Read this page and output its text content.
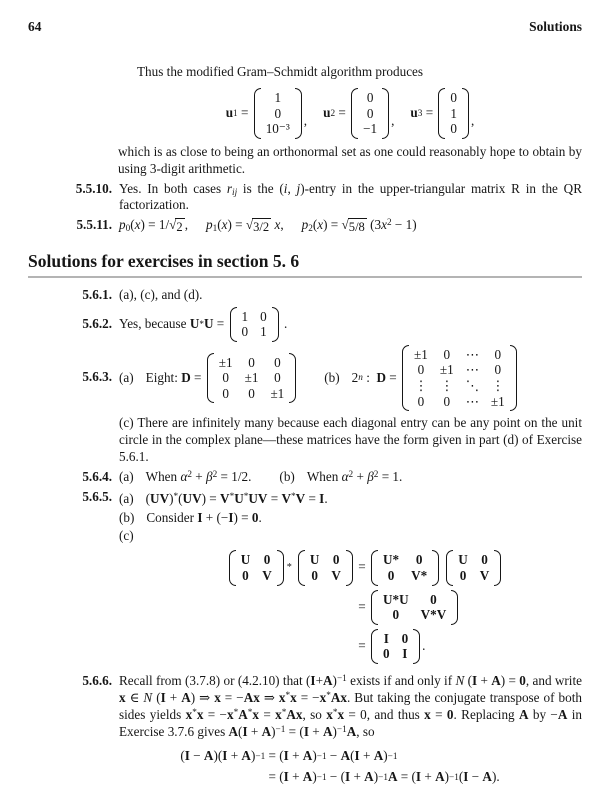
64	Solutions

Thus the modified Gram–Schmidt algorithm produces

u 1 =
1
0
10⁻³
,
u 2 =
0
0
−1
,
u 3 =
0
1
0
,

which is as close to being an orthonormal set as one could reasonably hope to obtain by using 3-digit arithmetic.

5.5.10. Yes. In both cases rij is the (i, j)-entry in the upper-triangular matrix R in the QR factorization.
5.5.11. p0(x) = 1/ √ 2 , p1(x) = √ 3/2 x, p2(x) = √ 5/8 $(3x^2 - 1)$
Solutions for exercises in section 5. 6
5.6.1. (a), (c), and (d).
5.6.2. Yes, because U * U = 1 0
0 1
.
5.6.3. (a) Eight: D =
±1 0 0
0 ±1 0
0 0 ±1
(b) 2 n : D =
±1 0 ⋯ 0
0 ±1 ⋯ 0
⋮ ⋮ ⋱ ⋮
0 0 ⋯ ±1
(c) There are infinitely many because each diagonal entry can be any point on the unit circle in the complex plane—these matrices have the form given in part (d) of Exercise 5.6.1.
5.6.4. (a) When $\alpha^2 + \beta^2 = 1/2$. (b) When $\alpha^2 + \beta^2 = 1$.
5.6.5. (a) (UV)*(UV) = V*U*UV = V*V = I.
(b) Consider I + (−I) = 0.
(c)
U 0
0 V
* U 0
0 V
= U* 0
0 V*
U 0
0 V
= U*U 0
0 V*V
= I 0
0 I
.
5.6.6. Recall from (3.7.8) or (4.2.10) that $(I+A)^{-1}$ exists if and only if N (I + A) = 0, and write x ∈ N (I + A) ⇒ x = −Ax ⇒ x*x = −x*Ax. But taking the conjugate transpose of both sides yields x*x = −x*A*x = x*Ax, so x*x = 0, and thus x = 0. Replacing A by −A in Exercise 3.7.6 gives $A(I + A)^{-1} = (I + A)^{-1}A$, so
( I − A )( I + A ) −1 = ( I + A ) −1 − A ( I + A ) −1
= ( I + A ) −1 − ( I + A ) −1 A = ( I + A ) −1 ( I − A ).
